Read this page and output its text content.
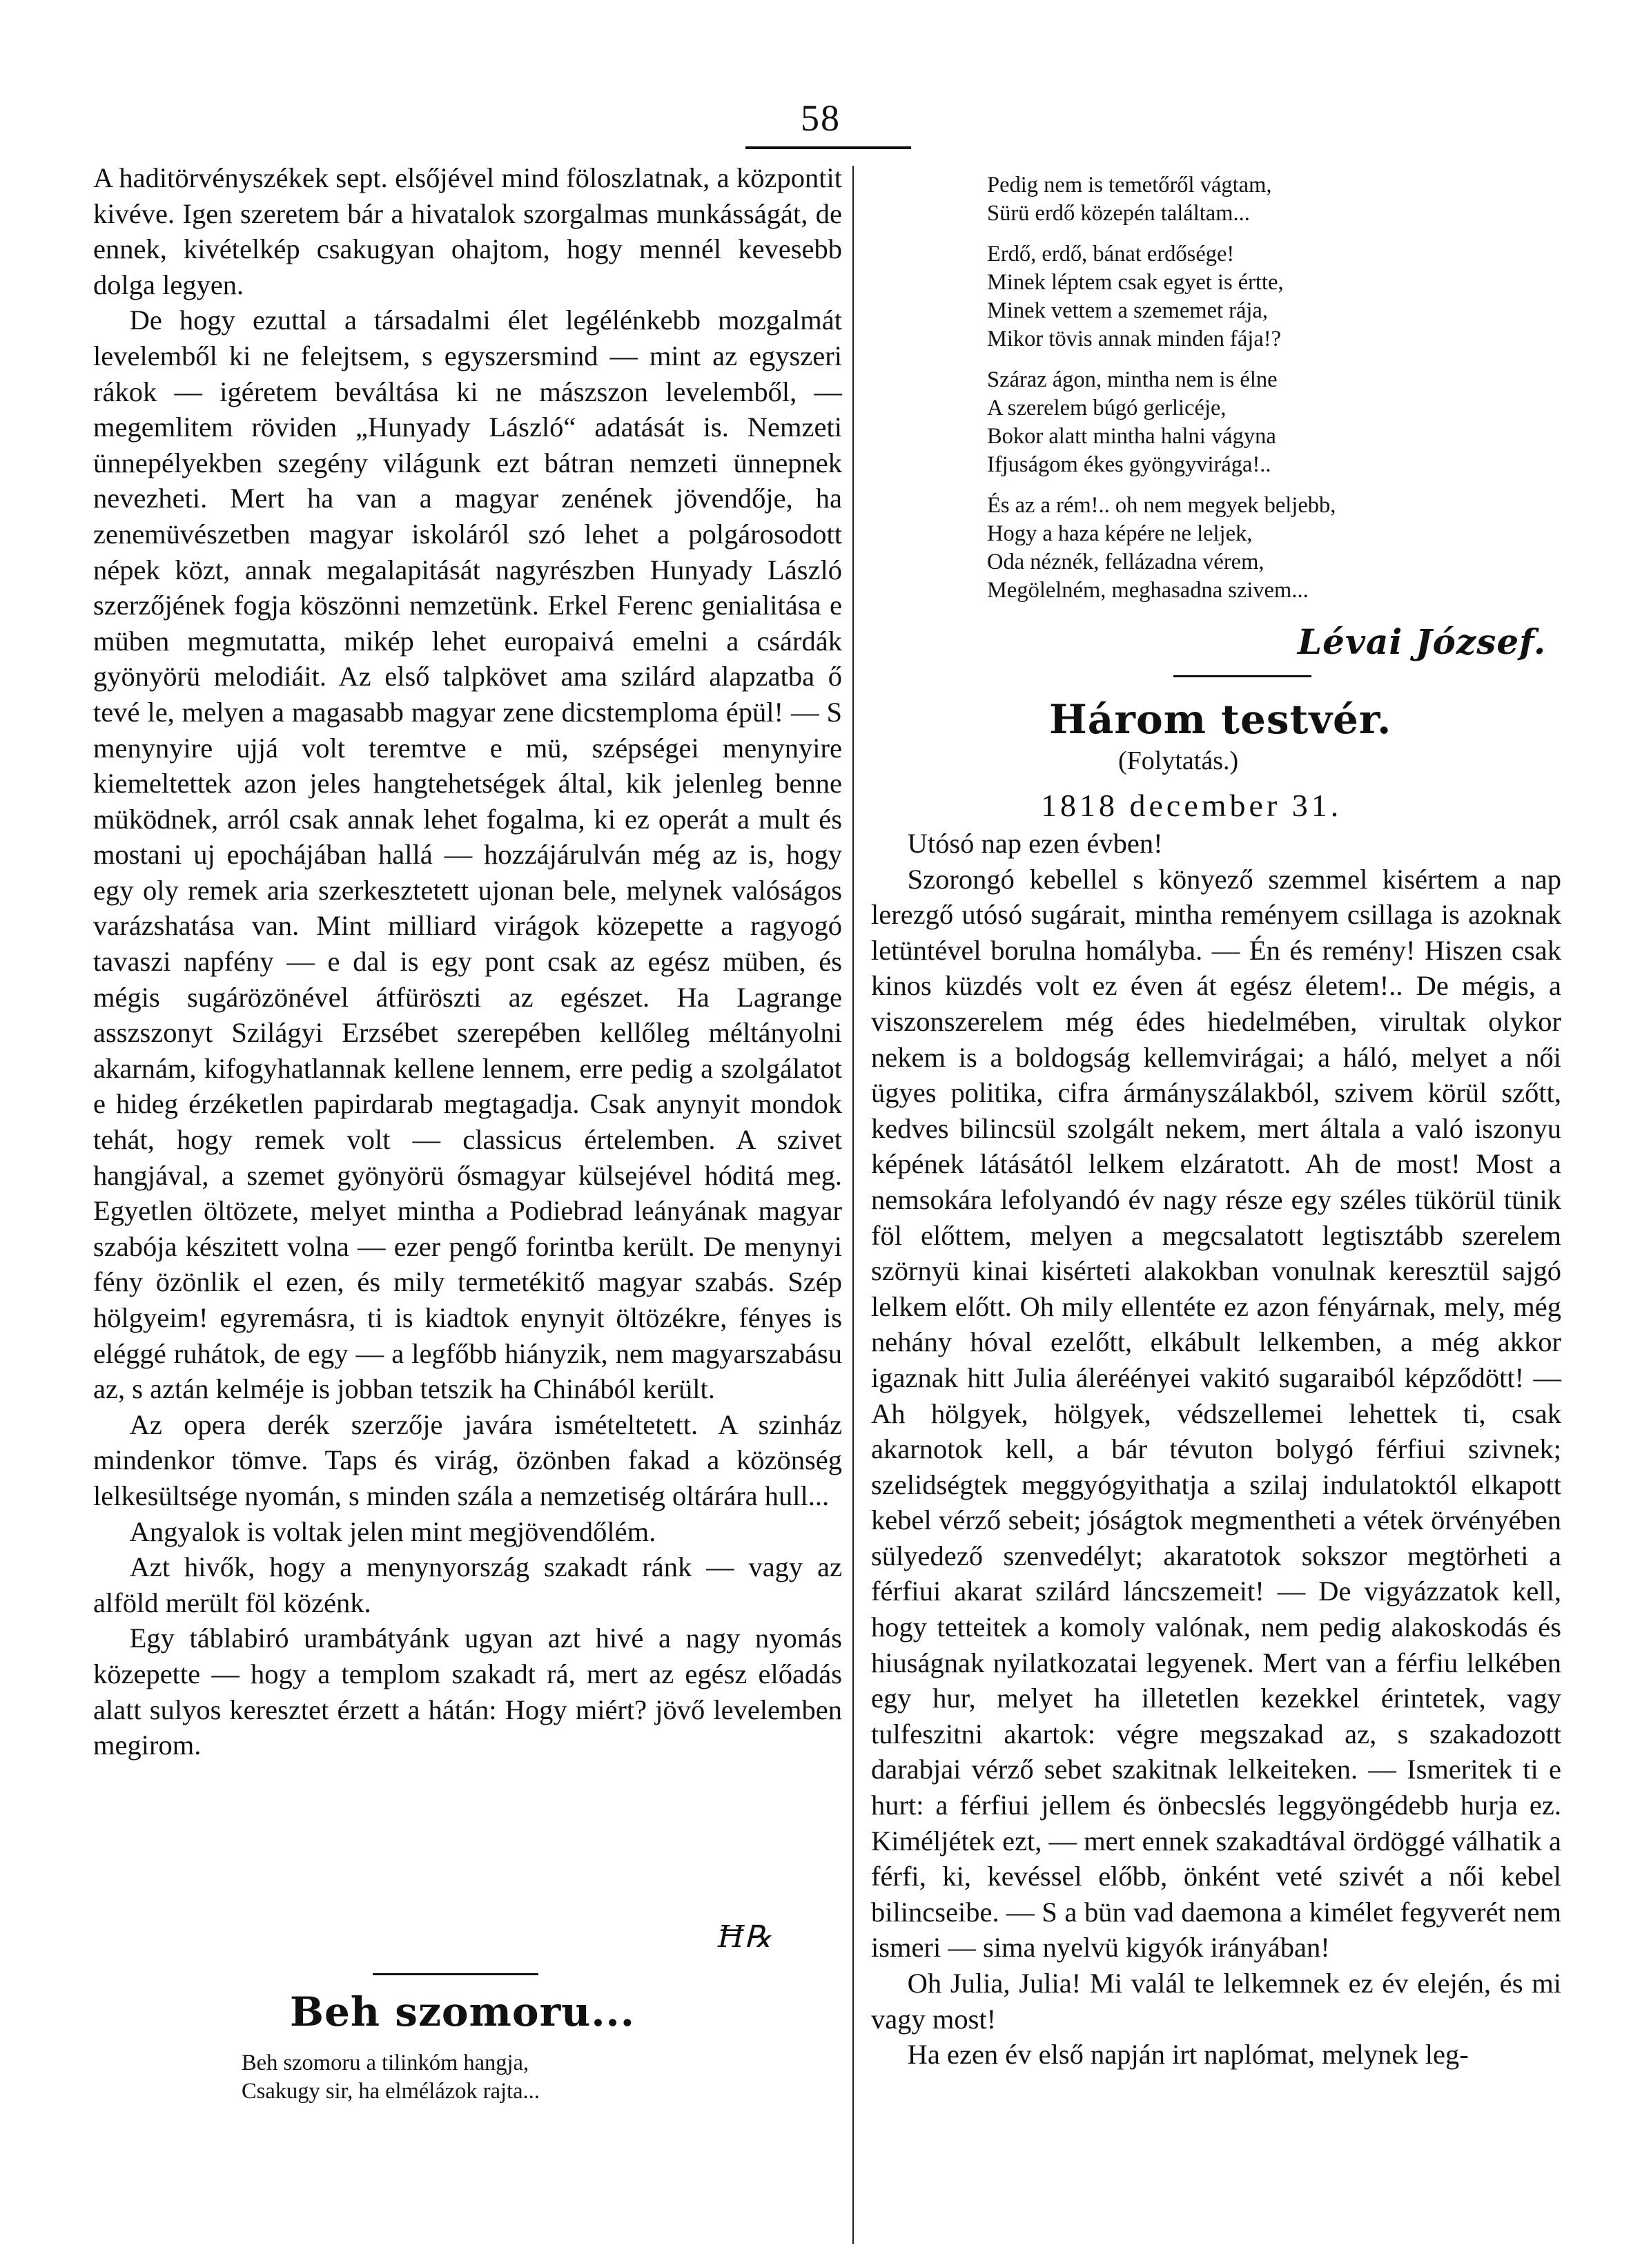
58

A haditörvényszékek sept. elsőjével mind föloszlatnak, a központit kivéve. Igen szeretem bár a hivatalok szorgalmas munkásságát, de ennek, kivételkép csakugyan ohajtom, hogy mennél kevesebb dolga legyen.

De hogy ezuttal a társadalmi élet legélénkebb mozgalmát levelemből ki ne felejtsem, s egyszersmind — mint az egyszeri rákok — igéretem beváltása ki ne mászszon levelemből, — megemlitem röviden „Hunyady László“ adatását is. Nemzeti ünnepélyekben szegény világunk ezt bátran nemzeti ünnepnek nevezheti. Mert ha van a magyar zenének jövendője, ha zenemüvészetben magyar iskoláról szó lehet a polgárosodott népek közt, annak megalapitását nagyrészben Hunyady László szerzőjének fogja köszönni nemzetünk. Erkel Ferenc genialitása e müben megmutatta, mikép lehet europaivá emelni a csárdák gyönyörü melodiáit. Az első talpkövet ama szilárd alapzatba ő tevé le, melyen a magasabb magyar zene dicstemploma épül! — S menynyire ujjá volt teremtve e mü, szépségei menynyire kiemeltettek azon jeles hangtehetségek által, kik jelenleg benne müködnek, arról csak annak lehet fogalma, ki ez operát a mult és mostani uj epochájában hallá — hozzájárulván még az is, hogy egy oly remek aria szerkesztetett ujonan bele, melynek valóságos varázshatása van. Mint milliard virágok közepette a ragyogó tavaszi napfény — e dal is egy pont csak az egész müben, és mégis sugárözönével átfüröszti az egészet. Ha Lagrange asszszonyt Szilágyi Erzsébet szerepében kellőleg méltányolni akarnám, kifogyhatlannak kellene lennem, erre pedig a szolgálatot e hideg érzéketlen papirdarab megtagadja. Csak anynyit mondok tehát, hogy remek volt — classicus értelemben. A szivet hangjával, a szemet gyönyörü ősmagyar külsejével hóditá meg. Egyetlen öltözete, melyet mintha a Podiebrad leányának magyar szabója készitett volna — ezer pengő forintba került. De menynyi fény özönlik el ezen, és mily termetékitő magyar szabás. Szép hölgyeim! egyremásra, ti is kiadtok enynyit öltözékre, fényes is eléggé ruhátok, de egy — a legfőbb hiányzik, nem magyarszabásu az, s aztán kelméje is jobban tetszik ha Chinából került.

Az opera derék szerzője javára ismételtetett. A szinház mindenkor tömve. Taps és virág, özönben fakad a közönség lelkesültsége nyomán, s minden szála a nemzetiség oltárára hull...

Angyalok is voltak jelen mint megjövendőlém.

Azt hivők, hogy a menynyország szakadt ránk — vagy az alföld merült föl közénk.

Egy táblabiró urambátyánk ugyan azt hivé a nagy nyomás közepette — hogy a templom szakadt rá, mert az egész előadás alatt sulyos keresztet érzett a hátán: Hogy miért? jövő levelemben megirom.

Ħ℞
Beh szomoru...
Beh szomoru a tilinkóm hangja,
Csakugy sir, ha elmélázok rajta...
Pedig nem is temetőről vágtam,
Sürü erdő közepén találtam...
Erdő, erdő, bánat erdősége!
Minek léptem csak egyet is értte,
Minek vettem a szememet rája,
Mikor tövis annak minden fája!?
Száraz ágon, mintha nem is élne
A szerelem búgó gerlicéje,
Bokor alatt mintha halni vágyna
Ifjuságom ékes gyöngyvirága!..
És az a rém!.. oh nem megyek beljebb,
Hogy a haza képére ne leljek,
Oda néznék, fellázadna vérem,
Megölelném, meghasadna szivem...
Lévai József.
Három testvér.
(Folytatás.)
1818 december 31.

Utósó nap ezen évben!

Szorongó kebellel s könyező szemmel kisértem a nap lerezgő utósó sugárait, mintha reményem csillaga is azoknak letüntével borulna homályba. — Én és remény! Hiszen csak kinos küzdés volt ez éven át egész életem!.. De mégis, a viszonszerelem még édes hiedelmében, virultak olykor nekem is a boldogság kellemvirágai; a háló, melyet a női ügyes politika, cifra ármányszálakból, szivem körül szőtt, kedves bilincsül szolgált nekem, mert általa a való iszonyu képének látásától lelkem elzáratott. Ah de most! Most a nemsokára lefolyandó év nagy része egy széles tükörül tünik föl előttem, melyen a megcsalatott legtisztább szerelem szörnyü kinai kisérteti alakokban vonulnak keresztül sajgó lelkem előtt. Oh mily ellentéte ez azon fényárnak, mely, még nehány hóval ezelőtt, elkábult lelkemben, a még akkor igaznak hitt Julia áleréényei vakitó sugaraiból képződött! — Ah hölgyek, hölgyek, védszellemei lehettek ti, csak akarnotok kell, a bár tévuton bolygó férfiui szivnek; szelidségtek meggyógyithatja a szilaj indulatoktól elkapott kebel vérző sebeit; jóságtok megmentheti a vétek örvényében sülyedező szenvedélyt; akaratotok sokszor megtörheti a férfiui akarat szilárd láncszemeit! — De vigyázzatok kell, hogy tetteitek a komoly valónak, nem pedig alakoskodás és hiuságnak nyilatkozatai legyenek. Mert van a férfiu lelkében egy hur, melyet ha illetetlen kezekkel érintetek, vagy tulfeszitni akartok: végre megszakad az, s szakadozott darabjai vérző sebet szakitnak lelkeiteken. — Ismeritek ti e hurt: a férfiui jellem és önbecslés leggyöngédebb hurja ez. Kiméljétek ezt, — mert ennek szakadtával ördöggé válhatik a férfi, ki, kevéssel előbb, önként veté szivét a női kebel bilincseibe. — S a bün vad daemona a kimélet fegyverét nem ismeri — sima nyelvü kigyók irányában!

Oh Julia, Julia! Mi valál te lelkemnek ez év elején, és mi vagy most!

Ha ezen év első napján irt naplómat, melynek leg-
